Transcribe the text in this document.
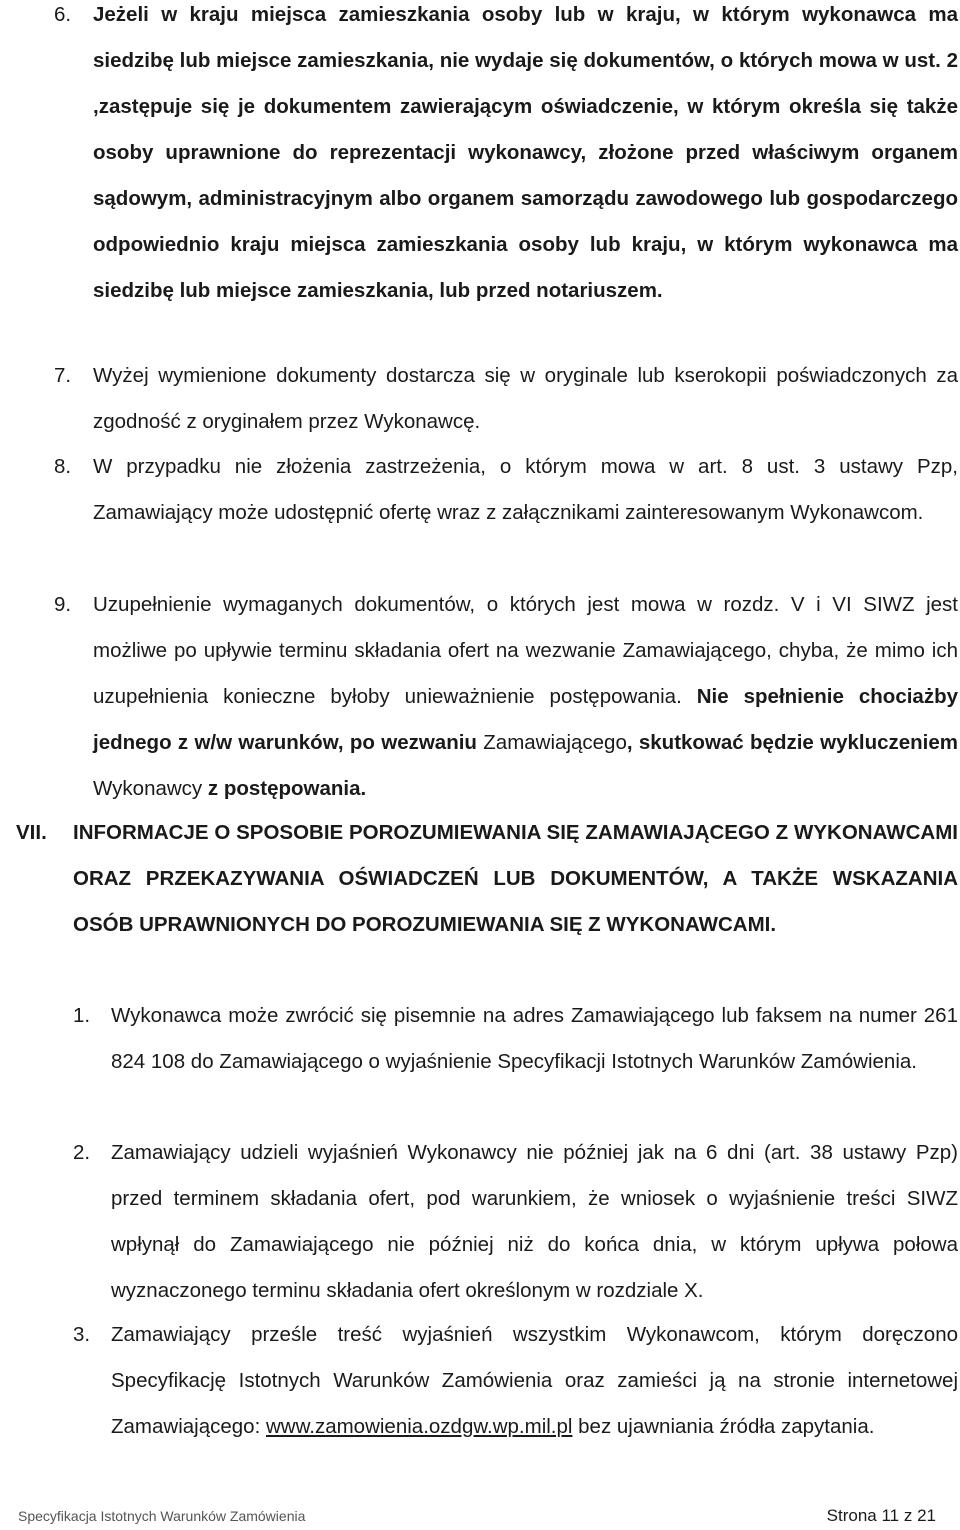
6. Jeżeli w kraju miejsca zamieszkania osoby lub w kraju, w którym wykonawca ma siedzibę lub miejsce zamieszkania, nie wydaje się dokumentów, o których mowa w ust. 2 ,zastępuje się je dokumentem zawierającym oświadczenie, w którym określa się także osoby uprawnione do reprezentacji wykonawcy, złożone przed właściwym organem sądowym, administracyjnym albo organem samorządu zawodowego lub gospodarczego odpowiednio kraju miejsca zamieszkania osoby lub kraju, w którym wykonawca ma siedzibę lub miejsce zamieszkania, lub przed notariuszem.
7. Wyżej wymienione dokumenty dostarcza się w oryginale lub kserokopii poświadczonych za zgodność z oryginałem przez Wykonawcę.
8. W przypadku nie złożenia zastrzeżenia, o którym mowa w art. 8 ust. 3 ustawy Pzp, Zamawiający może udostępnić ofertę wraz z załącznikami zainteresowanym Wykonawcom.
9. Uzupełnienie wymaganych dokumentów, o których jest mowa w rozdz. V i VI SIWZ jest możliwe po upływie terminu składania ofert na wezwanie Zamawiającego, chyba, że mimo ich uzupełnienia konieczne byłoby unieważnienie postępowania. Nie spełnienie chociażby jednego z w/w warunków, po wezwaniu Zamawiającego, skutkować będzie wykluczeniem Wykonawcy z postępowania.
VII. INFORMACJE O SPOSOBIE POROZUMIEWANIA SIĘ ZAMAWIAJĄCEGO Z WYKONAWCAMI ORAZ PRZEKAZYWANIA OŚWIADCZEŃ LUB DOKUMENTÓW, A TAKŻE WSKAZANIA OSÓB UPRAWNIONYCH DO POROZUMIEWANIA SIĘ Z WYKONAWCAMI.
1. Wykonawca może zwrócić się pisemnie na adres Zamawiającego lub faksem na numer 261 824 108 do Zamawiającego o wyjaśnienie Specyfikacji Istotnych Warunków Zamówienia.
2. Zamawiający udzieli wyjaśnień Wykonawcy nie później jak na 6 dni (art. 38 ustawy Pzp) przed terminem składania ofert, pod warunkiem, że wniosek o wyjaśnienie treści SIWZ wpłynął do Zamawiającego nie później niż do końca dnia, w którym upływa połowa wyznaczonego terminu składania ofert określonym w rozdziale X.
3. Zamawiający prześle treść wyjaśnień wszystkim Wykonawcom, którym doręczono Specyfikację Istotnych Warunków Zamówienia oraz zamieści ją na stronie internetowej Zamawiającego: www.zamowienia.ozdgw.wp.mil.pl bez ujawniania źródła zapytania.
Specyfikacja Istotnych Warunków Zamówienia	Strona 11 z 21
